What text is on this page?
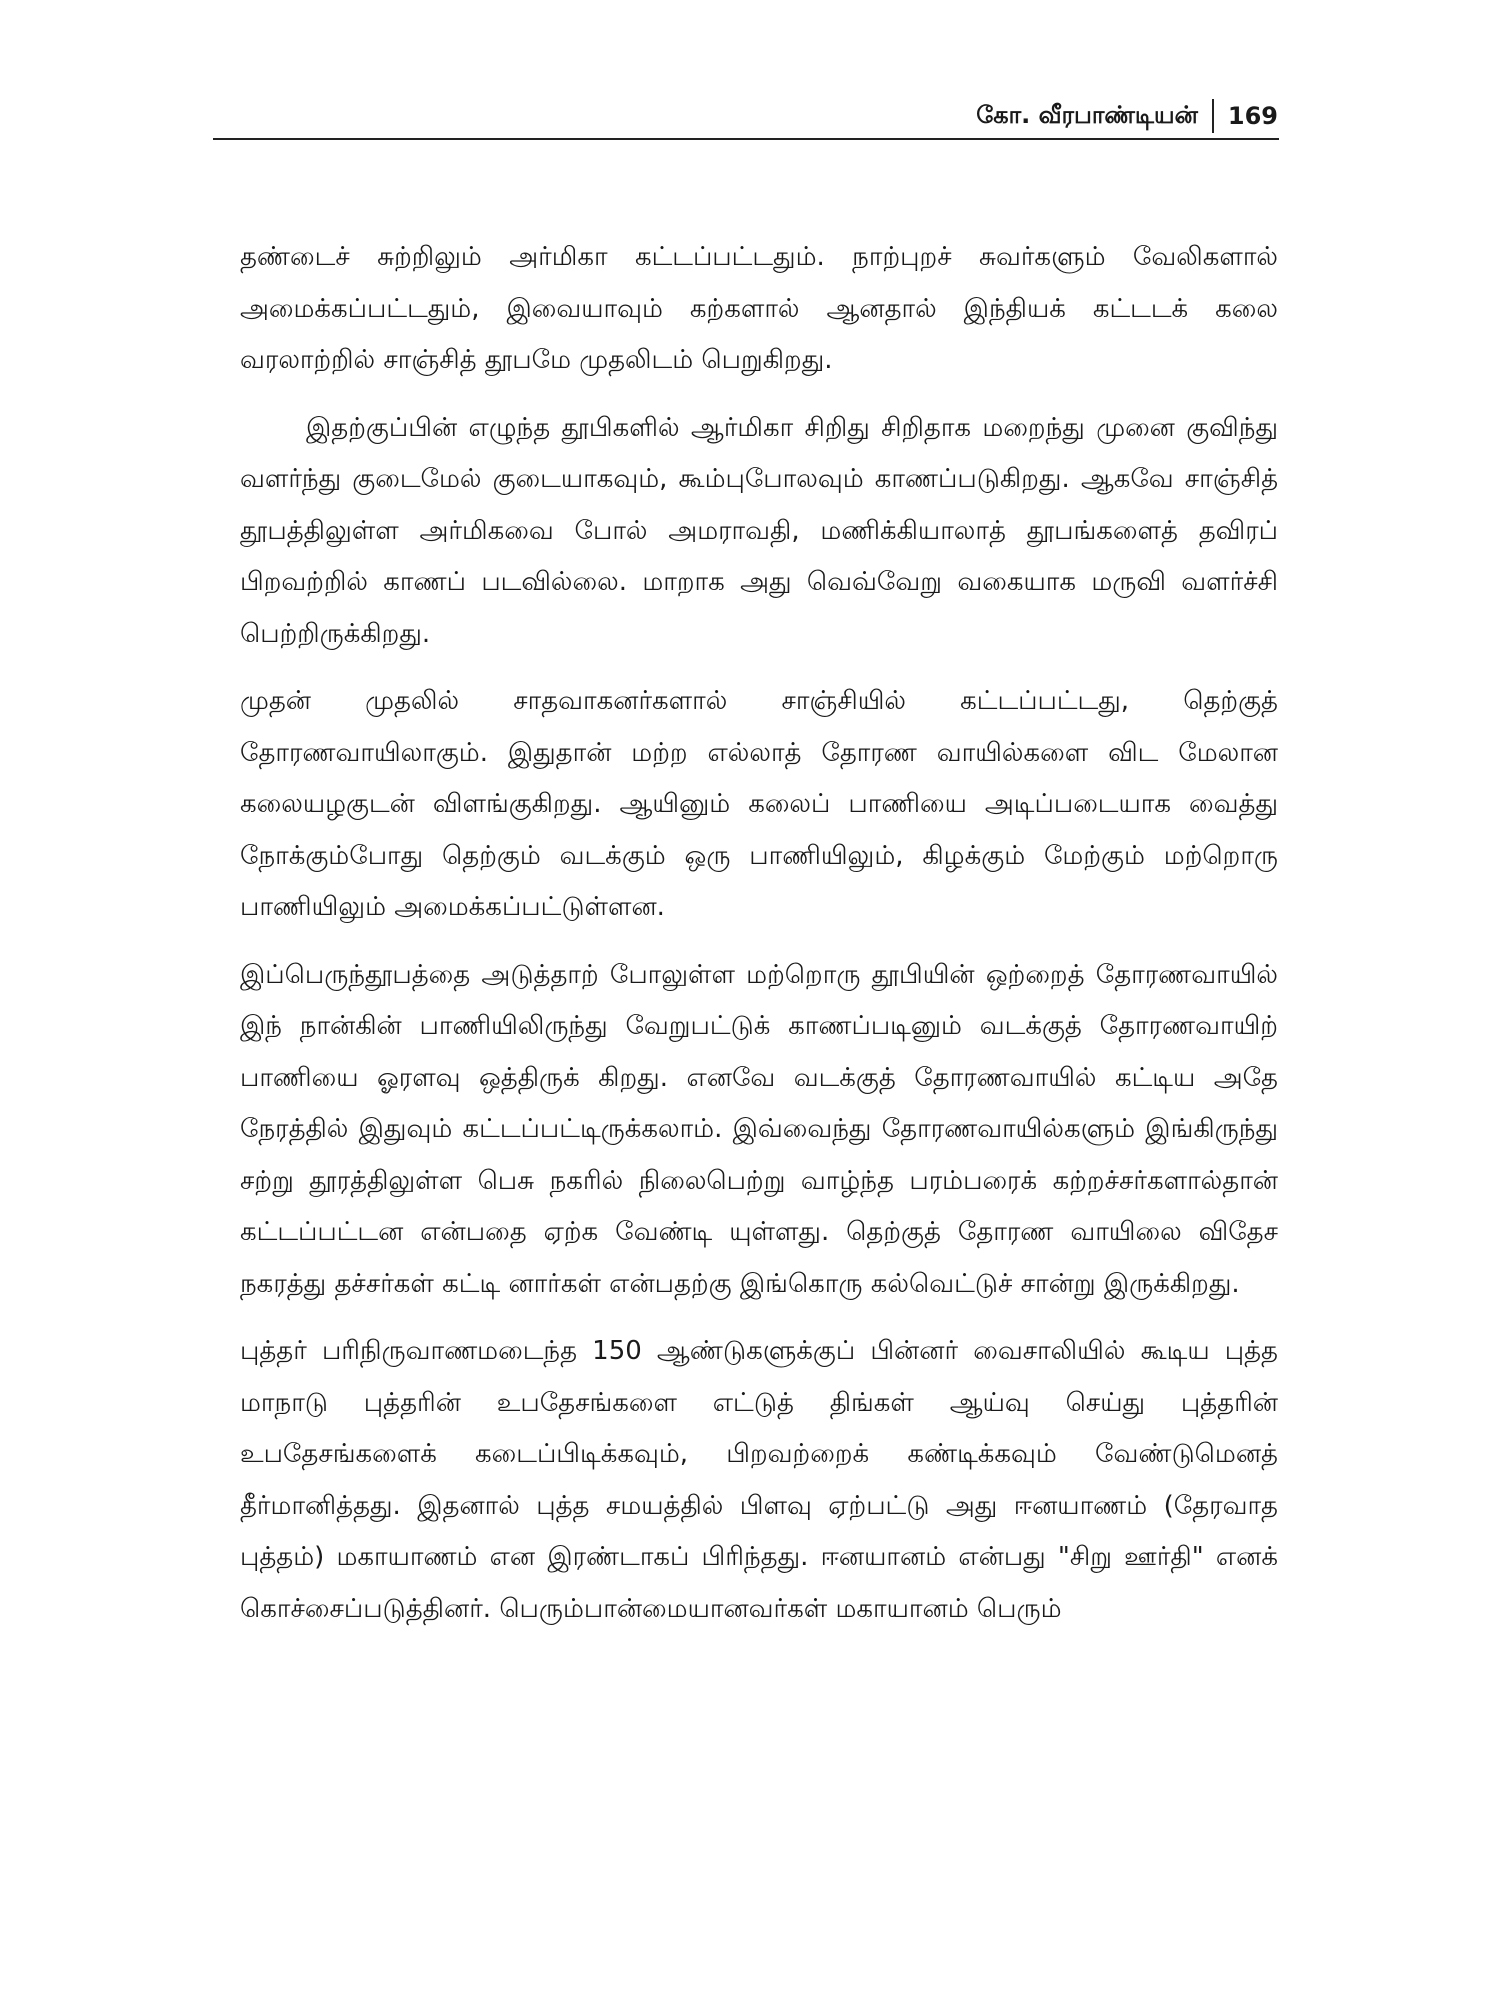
கோ. வீரபாண்டியன் 169

தண்டைச் சுற்றிலும் அர்மிகா கட்டப்பட்டதும். நாற்புறச் சுவர்களும் வேலிகளால் அமைக்கப்பட்டதும், இவையாவும் கற்களால் ஆனதால் இந்தியக் கட்டடக் கலை வரலாற்றில் சாஞ்சித் தூபமே முதலிடம் பெறுகிறது.

இதற்குப்பின் எழுந்த தூபிகளில் ஆர்மிகா சிறிது சிறிதாக மறைந்து முனை குவிந்து வளர்ந்து குடைமேல் குடையாகவும், கூம்புபோலவும் காணப்படுகிறது. ஆகவே சாஞ்சித் தூபத்திலுள்ள அர்மிகவை போல் அமராவதி, மணிக்கியாலாத் தூபங்களைத் தவிரப் பிறவற்றில் காணப் படவில்லை. மாறாக அது வெவ்வேறு வகையாக மருவி வளர்ச்சி பெற்றிருக்கிறது.

முதன் முதலில் சாதவாகனர்களால் சாஞ்சியில் கட்டப்பட்டது, தெற்குத் தோரணவாயிலாகும். இதுதான் மற்ற எல்லாத் தோரண வாயில்களை விட மேலான கலையழகுடன் விளங்குகிறது. ஆயினும் கலைப் பாணியை அடிப்படையாக வைத்து நோக்கும்போது தெற்கும் வடக்கும் ஒரு பாணியிலும், கிழக்கும் மேற்கும் மற்றொரு பாணியிலும் அமைக்கப்பட்டுள்ளன.

இப்பெருந்தூபத்தை அடுத்தாற் போலுள்ள மற்றொரு தூபியின் ஒற்றைத் தோரணவாயில் இந் நான்கின் பாணியிலிருந்து வேறுபட்டுக் காணப்படினும் வடக்குத் தோரணவாயிற் பாணியை ஓரளவு ஒத்திருக் கிறது. எனவே வடக்குத் தோரணவாயில் கட்டிய அதே நேரத்தில் இதுவும் கட்டப்பட்டிருக்கலாம். இவ்வைந்து தோரணவாயில்களும் இங்கிருந்து சற்று தூரத்திலுள்ள பெசு நகரில் நிலைபெற்று வாழ்ந்த பரம்பரைக் கற்றச்சர்களால்தான் கட்டப்பட்டன என்பதை ஏற்க வேண்டி யுள்ளது. தெற்குத் தோரண வாயிலை விதேச நகரத்து தச்சர்கள் கட்டி னார்கள் என்பதற்கு இங்கொரு கல்வெட்டுச் சான்று இருக்கிறது.

புத்தர் பரிநிருவாணமடைந்த 150 ஆண்டுகளுக்குப் பின்னர் வைசாலியில் கூடிய புத்த மாநாடு புத்தரின் உபதேசங்களை எட்டுத் திங்கள் ஆய்வு செய்து புத்தரின் உபதேசங்களைக் கடைப்பிடிக்கவும், பிறவற்றைக் கண்டிக்கவும் வேண்டுமெனத் தீர்மானித்தது. இதனால் புத்த சமயத்தில் பிளவு ஏற்பட்டு அது ஈனயாணம் (தேரவாத புத்தம்) மகாயாணம் என இரண்டாகப் பிரிந்தது. ஈனயானம் என்பது "சிறு ஊர்தி" எனக் கொச்சைப்படுத்தினர். பெரும்பான்மையானவர்கள் மகாயானம் பெரும்
